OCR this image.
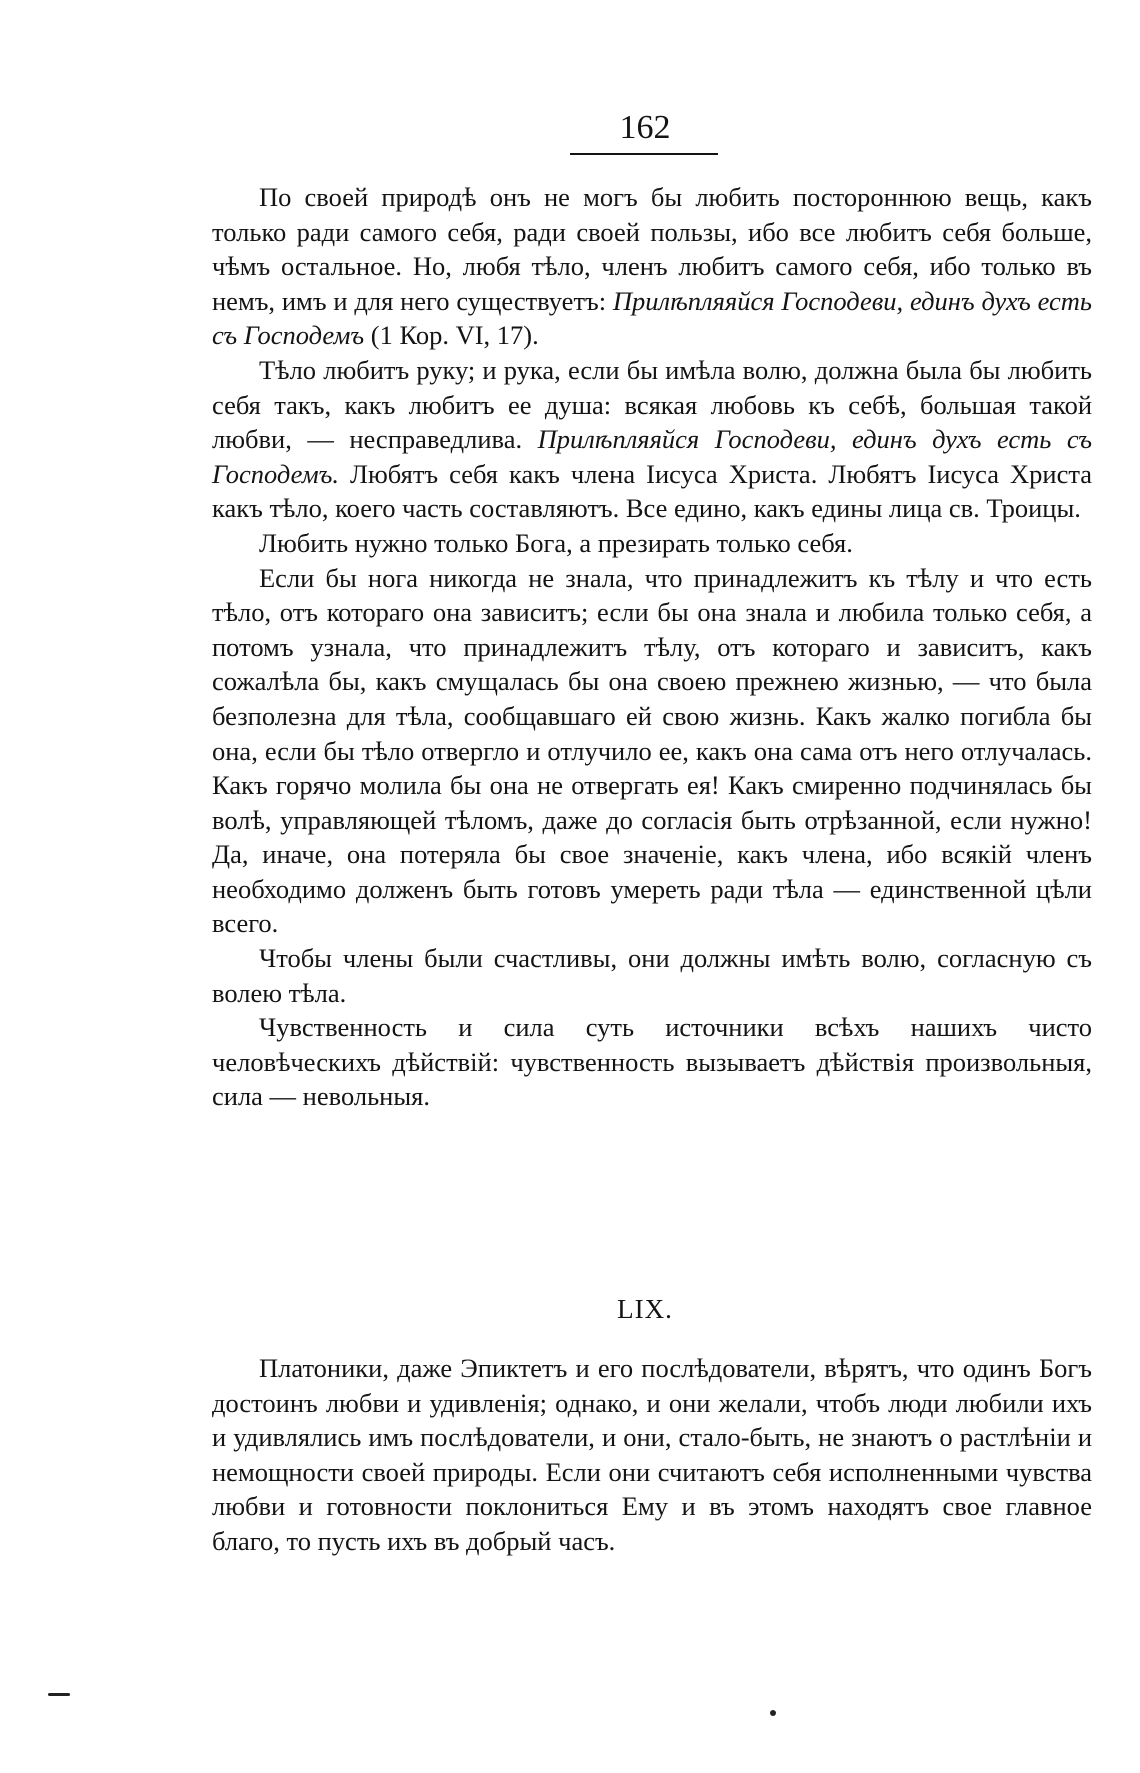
162

По своей природѣ онъ не могъ бы любить постороннюю вещь, какъ только ради самого себя, ради своей пользы, ибо все любитъ себя больше, чѣмъ остальное. Но, любя тѣло, членъ любитъ самого себя, ибо только въ немъ, имъ и для него существуетъ: Прилѣпляяйся Господеви, единъ духъ есть съ Господемъ (1 Кор. VI, 17).

Тѣло любитъ руку; и рука, если бы имѣла волю, должна была бы любить себя такъ, какъ любитъ ее душа: всякая любовь къ себѣ, большая такой любви, — несправедлива. Прилѣпляяйся Господеви, единъ духъ есть съ Господемъ. Любятъ себя какъ члена Iисуса Христа. Любятъ Iисуса Христа какъ тѣло, коего часть составляютъ. Все едино, какъ едины лица св. Троицы.

Любить нужно только Бога, а презирать только себя.

Если бы нога никогда не знала, что принадлежитъ къ тѣлу и что есть тѣло, отъ котораго она зависитъ; если бы она знала и любила только себя, а потомъ узнала, что принадлежитъ тѣлу, отъ котораго и зависитъ, какъ сожалѣла бы, какъ смущалась бы она своею прежнею жизнью, — что была безполезна для тѣла, сообщавшаго ей свою жизнь. Какъ жалко погибла бы она, если бы тѣло отвергло и отлучило ее, какъ она сама отъ него отлучалась. Какъ горячо молила бы она не отвергать ея! Какъ смиренно подчинялась бы волѣ, управляющей тѣломъ, даже до согласiя быть отрѣзанной, если нужно! Да, иначе, она потеряла бы свое значенiе, какъ члена, ибо всякiй членъ необходимо долженъ быть готовъ умереть ради тѣла — единственной цѣли всего.

Чтобы члены были счастливы, они должны имѣть волю, согласную съ волею тѣла.

Чувственность и сила суть источники всѣхъ нашихъ чисто человѣческихъ дѣйствiй: чувственность вызываетъ дѣйствiя произвольныя, сила — невольныя.

LIX.

Платоники, даже Эпиктетъ и его послѣдователи, вѣрятъ, что одинъ Богъ достоинъ любви и удивленiя; однако, и они желали, чтобъ люди любили ихъ и удивлялись имъ послѣдователи, и они, стало-быть, не знаютъ о растлѣнiи и немощности своей природы. Если они считаютъ себя исполненными чувства любви и готовности поклониться Ему и въ этомъ находятъ свое главное благо, то пусть ихъ въ добрый часъ.
